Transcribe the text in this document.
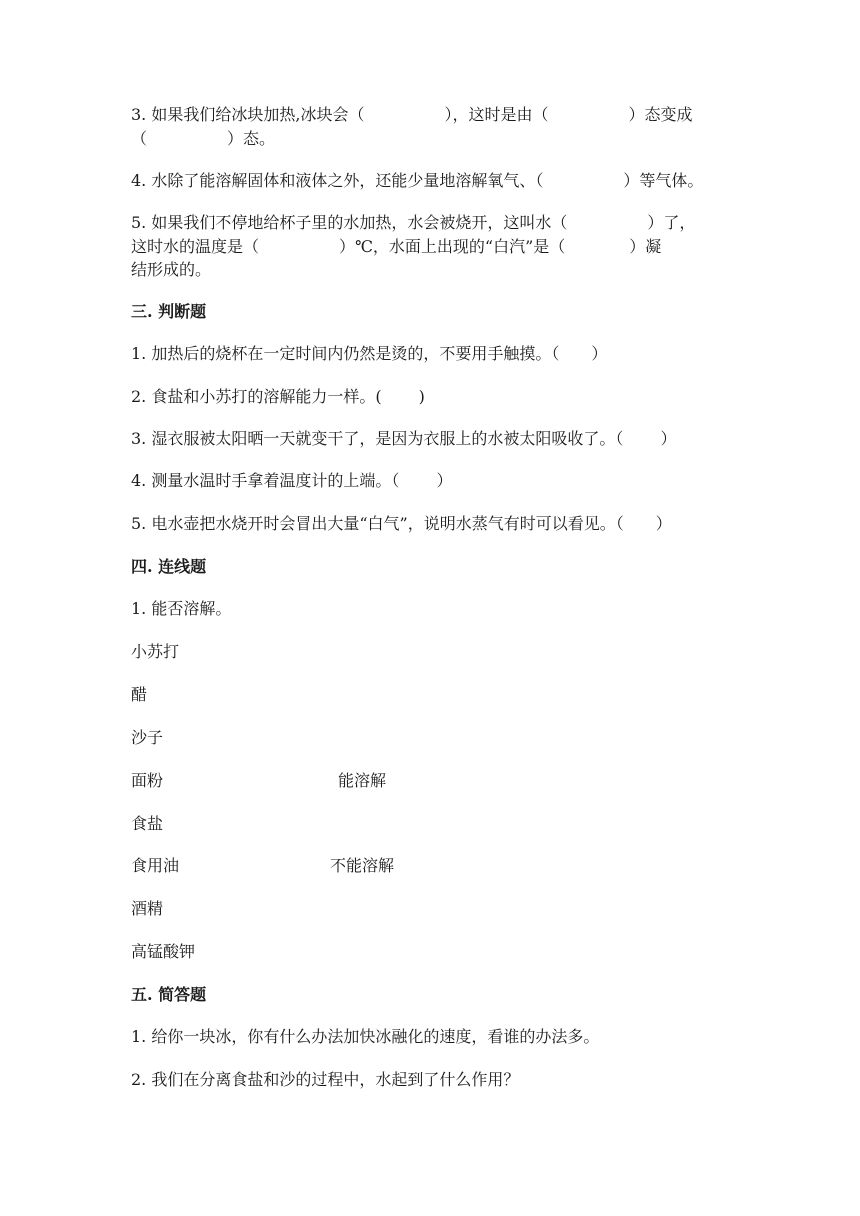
3. 如果我们给冰块加热,冰块会（　　　　　），这时是由（　　　　　）态变成
（　　　　　）态。
4. 水除了能溶解固体和液体之外，还能少量地溶解氧气、（　　　　　）等气体。
5. 如果我们不停地给杯子里的水加热，水会被烧开，这叫水（　　　　　）了，
这时水的温度是（　　　　　）℃，水面上出现的“白汽”是（　　　　）凝
结形成的。
三. 判断题
1. 加热后的烧杯在一定时间内仍然是烫的，不要用手触摸。（　　）
2. 食盐和小苏打的溶解能力一样。(　　 )
3. 湿衣服被太阳晒一天就变干了，是因为衣服上的水被太阳吸收了。（　　 ）
4. 测量水温时手拿着温度计的上端。（　　 ）
5. 电水壶把水烧开时会冒出大量“白气”，说明水蒸气有时可以看见。（　　）
四. 连线题
1. 能否溶解。
小苏打
醋
沙子
面粉	能溶解
食盐
食用油	不能溶解
酒精
高锰酸钾
五. 简答题
1. 给你一块冰，你有什么办法加快冰融化的速度，看谁的办法多。
2. 我们在分离食盐和沙的过程中，水起到了什么作用？
